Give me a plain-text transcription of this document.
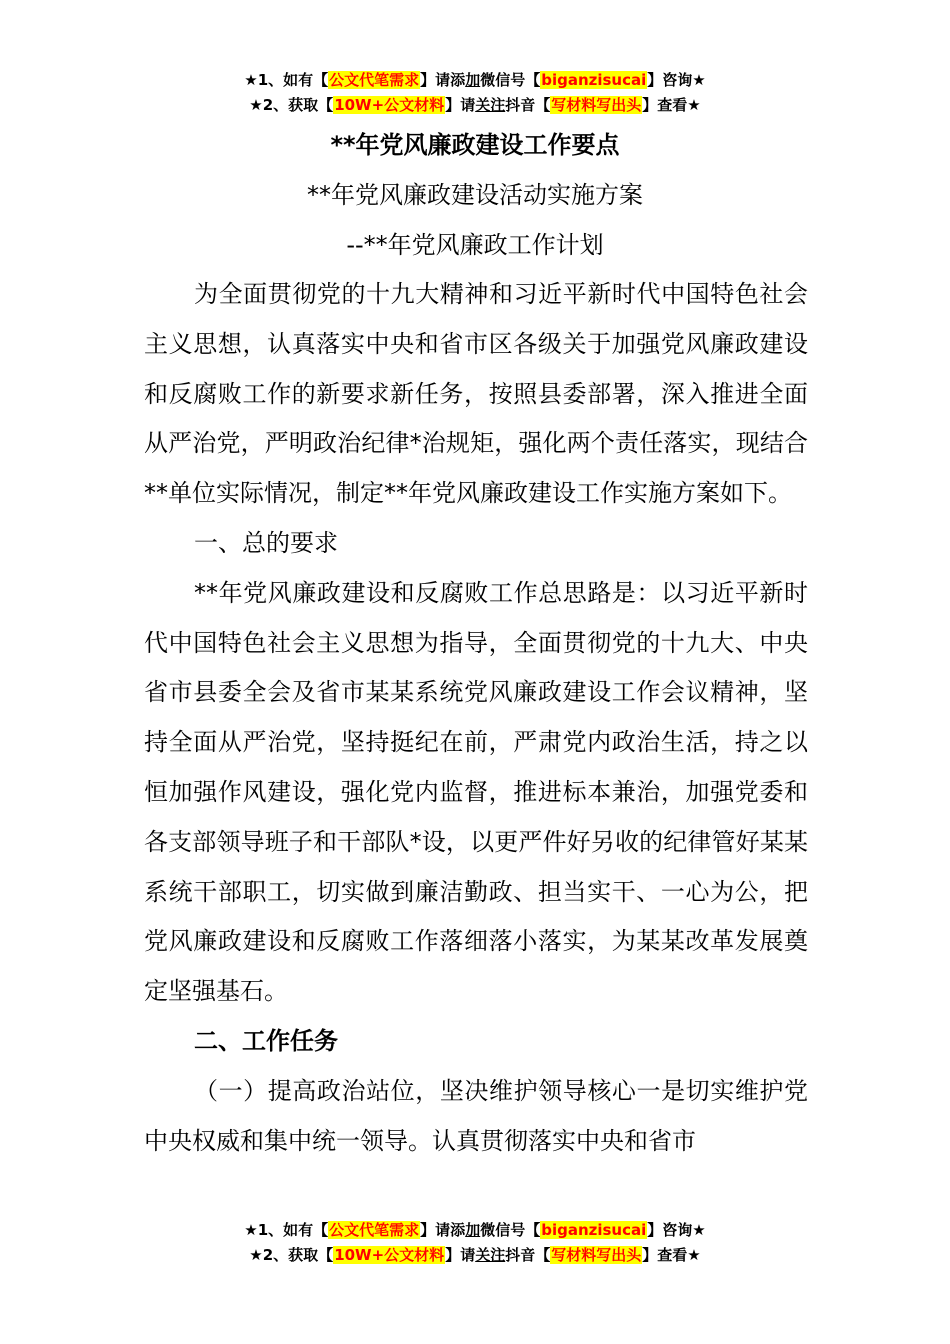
★1、如有【公文代笔需求】请添加微信号【biganzisucai】咨询★
★2、获取【10W+公文材料】请关注抖音【写材料写出头】查看★
**年党风廉政建设工作要点
**年党风廉政建设活动实施方案
--**年党风廉政工作计划

为全面贯彻党的十九大精神和习近平新时代中国特色社会主义思想，认真落实中央和省市区各级关于加强党风廉政建设和反腐败工作的新要求新任务，按照县委部署，深入推进全面从严治党，严明政治纪律*治规矩，强化两个责任落实，现结合**单位实际情况，制定**年党风廉政建设工作实施方案如下。

一、总的要求

**年党风廉政建设和反腐败工作总思路是：以习近平新时代中国特色社会主义思想为指导，全面贯彻党的十九大、中央省市县委全会及省市某某系统党风廉政建设工作会议精神，坚持全面从严治党，坚持挺纪在前，严肃党内政治生活，持之以恒加强作风建设，强化党内监督，推进标本兼治，加强党委和各支部领导班子和干部队*设，以更严件好另收的纪律管好某某系统干部职工，切实做到廉洁勤政、担当实干、一心为公，把党风廉政建设和反腐败工作落细落小落实，为某某改革发展奠定坚强基石。

二、工作任务

（一）提高政治站位，坚决维护领导核心一是切实维护党中央权威和集中统一领导。认真贯彻落实中央和省市

★1、如有【公文代笔需求】请添加微信号【biganzisucai】咨询★
★2、获取【10W+公文材料】请关注抖音【写材料写出头】查看★
